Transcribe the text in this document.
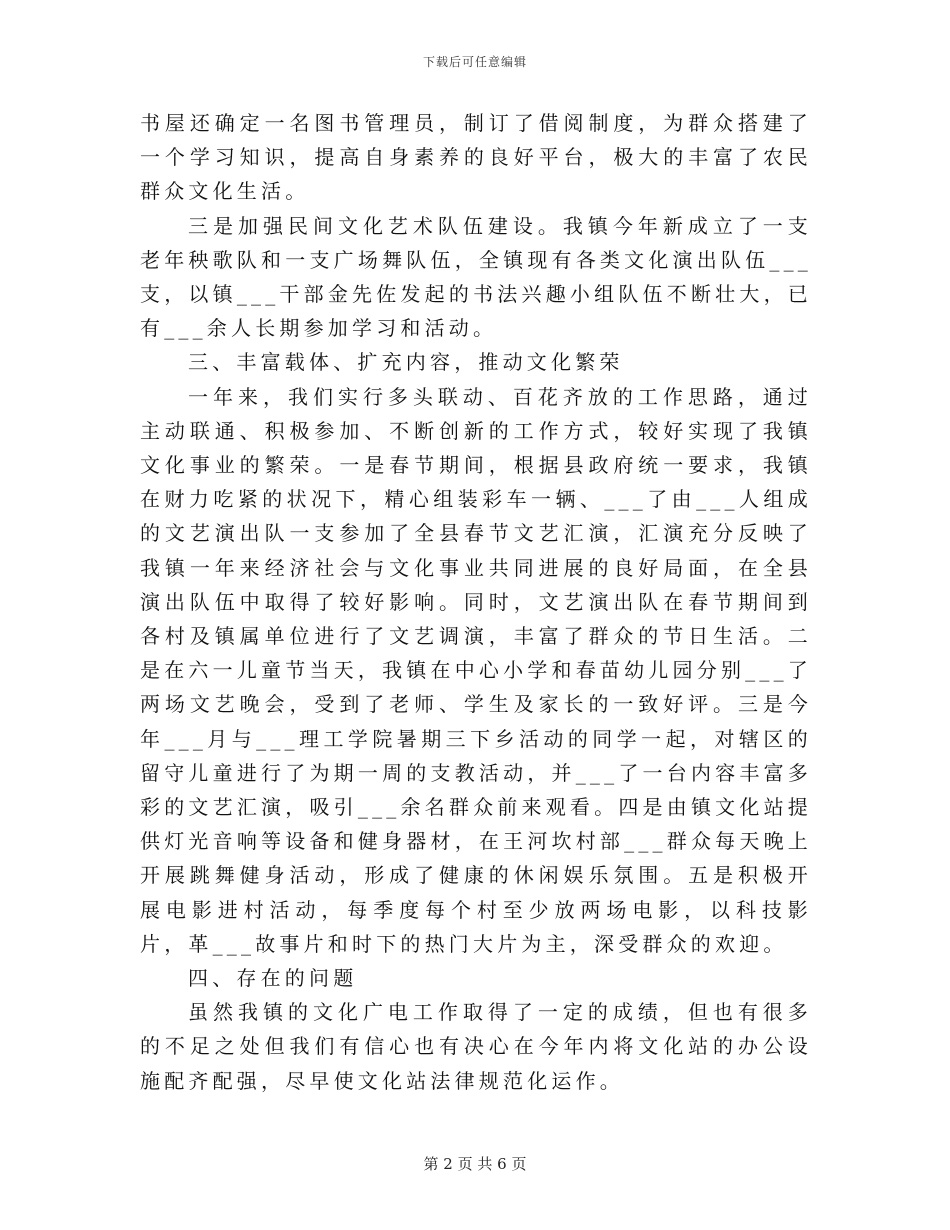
下载后可任意编辑

书屋还确定一名图书管理员，制订了借阅制度，为群众搭建了一个学习知识，提高自身素养的良好平台，极大的丰富了农民群众文化生活。

三是加强民间文化艺术队伍建设。我镇今年新成立了一支老年秧歌队和一支广场舞队伍，全镇现有各类文化演出队伍___支，以镇___干部金先佐发起的书法兴趣小组队伍不断壮大，已有___余人长期参加学习和活动。

三、丰富载体、扩充内容，推动文化繁荣

一年来，我们实行多头联动、百花齐放的工作思路，通过主动联通、积极参加、不断创新的工作方式，较好实现了我镇文化事业的繁荣。一是春节期间，根据县政府统一要求，我镇在财力吃紧的状况下，精心组装彩车一辆、___了由___人组成的文艺演出队一支参加了全县春节文艺汇演，汇演充分反映了我镇一年来经济社会与文化事业共同进展的良好局面，在全县演出队伍中取得了较好影响。同时，文艺演出队在春节期间到各村及镇属单位进行了文艺调演，丰富了群众的节日生活。二是在六一儿童节当天，我镇在中心小学和春苗幼儿园分别___了两场文艺晚会，受到了老师、学生及家长的一致好评。三是今年___月与___理工学院暑期三下乡活动的同学一起，对辖区的留守儿童进行了为期一周的支教活动，并___了一台内容丰富多彩的文艺汇演，吸引___余名群众前来观看。四是由镇文化站提供灯光音响等设备和健身器材，在王河坎村部___群众每天晚上开展跳舞健身活动，形成了健康的休闲娱乐氛围。五是积极开展电影进村活动，每季度每个村至少放两场电影，以科技影片，革___故事片和时下的热门大片为主，深受群众的欢迎。

四、存在的问题

虽然我镇的文化广电工作取得了一定的成绩，但也有很多的不足之处但我们有信心也有决心在今年内将文化站的办公设施配齐配强，尽早使文化站法律规范化运作。

第 2 页 共 6 页
